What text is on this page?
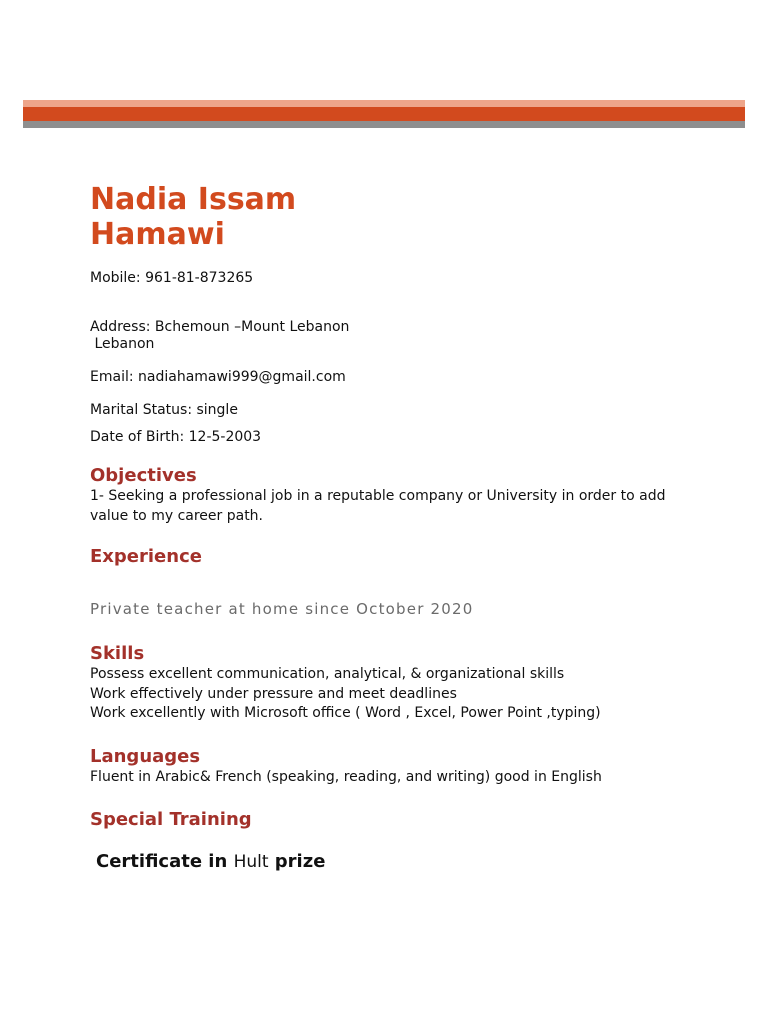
Nadia Issam
Hamawi

Mobile: 961-81-873265

Address: Bchemoun –Mount Lebanon

Lebanon

Email: nadiahamawi999@gmail.com

Marital Status: single

Date of Birth: 12-5-2003

Objectives

1- Seeking a professional job in a reputable company or University in order to add value to my career path.

Experience

Private teacher at home since October 2020

Skills

Possess excellent communication, analytical, & organizational skills

Work effectively under pressure and meet deadlines

Work excellently with Microsoft office ( Word , Excel, Power Point ,typing)

Languages

Fluent in Arabic& French (speaking, reading, and writing) good in English

Special Training

Certificate in Hult prize
